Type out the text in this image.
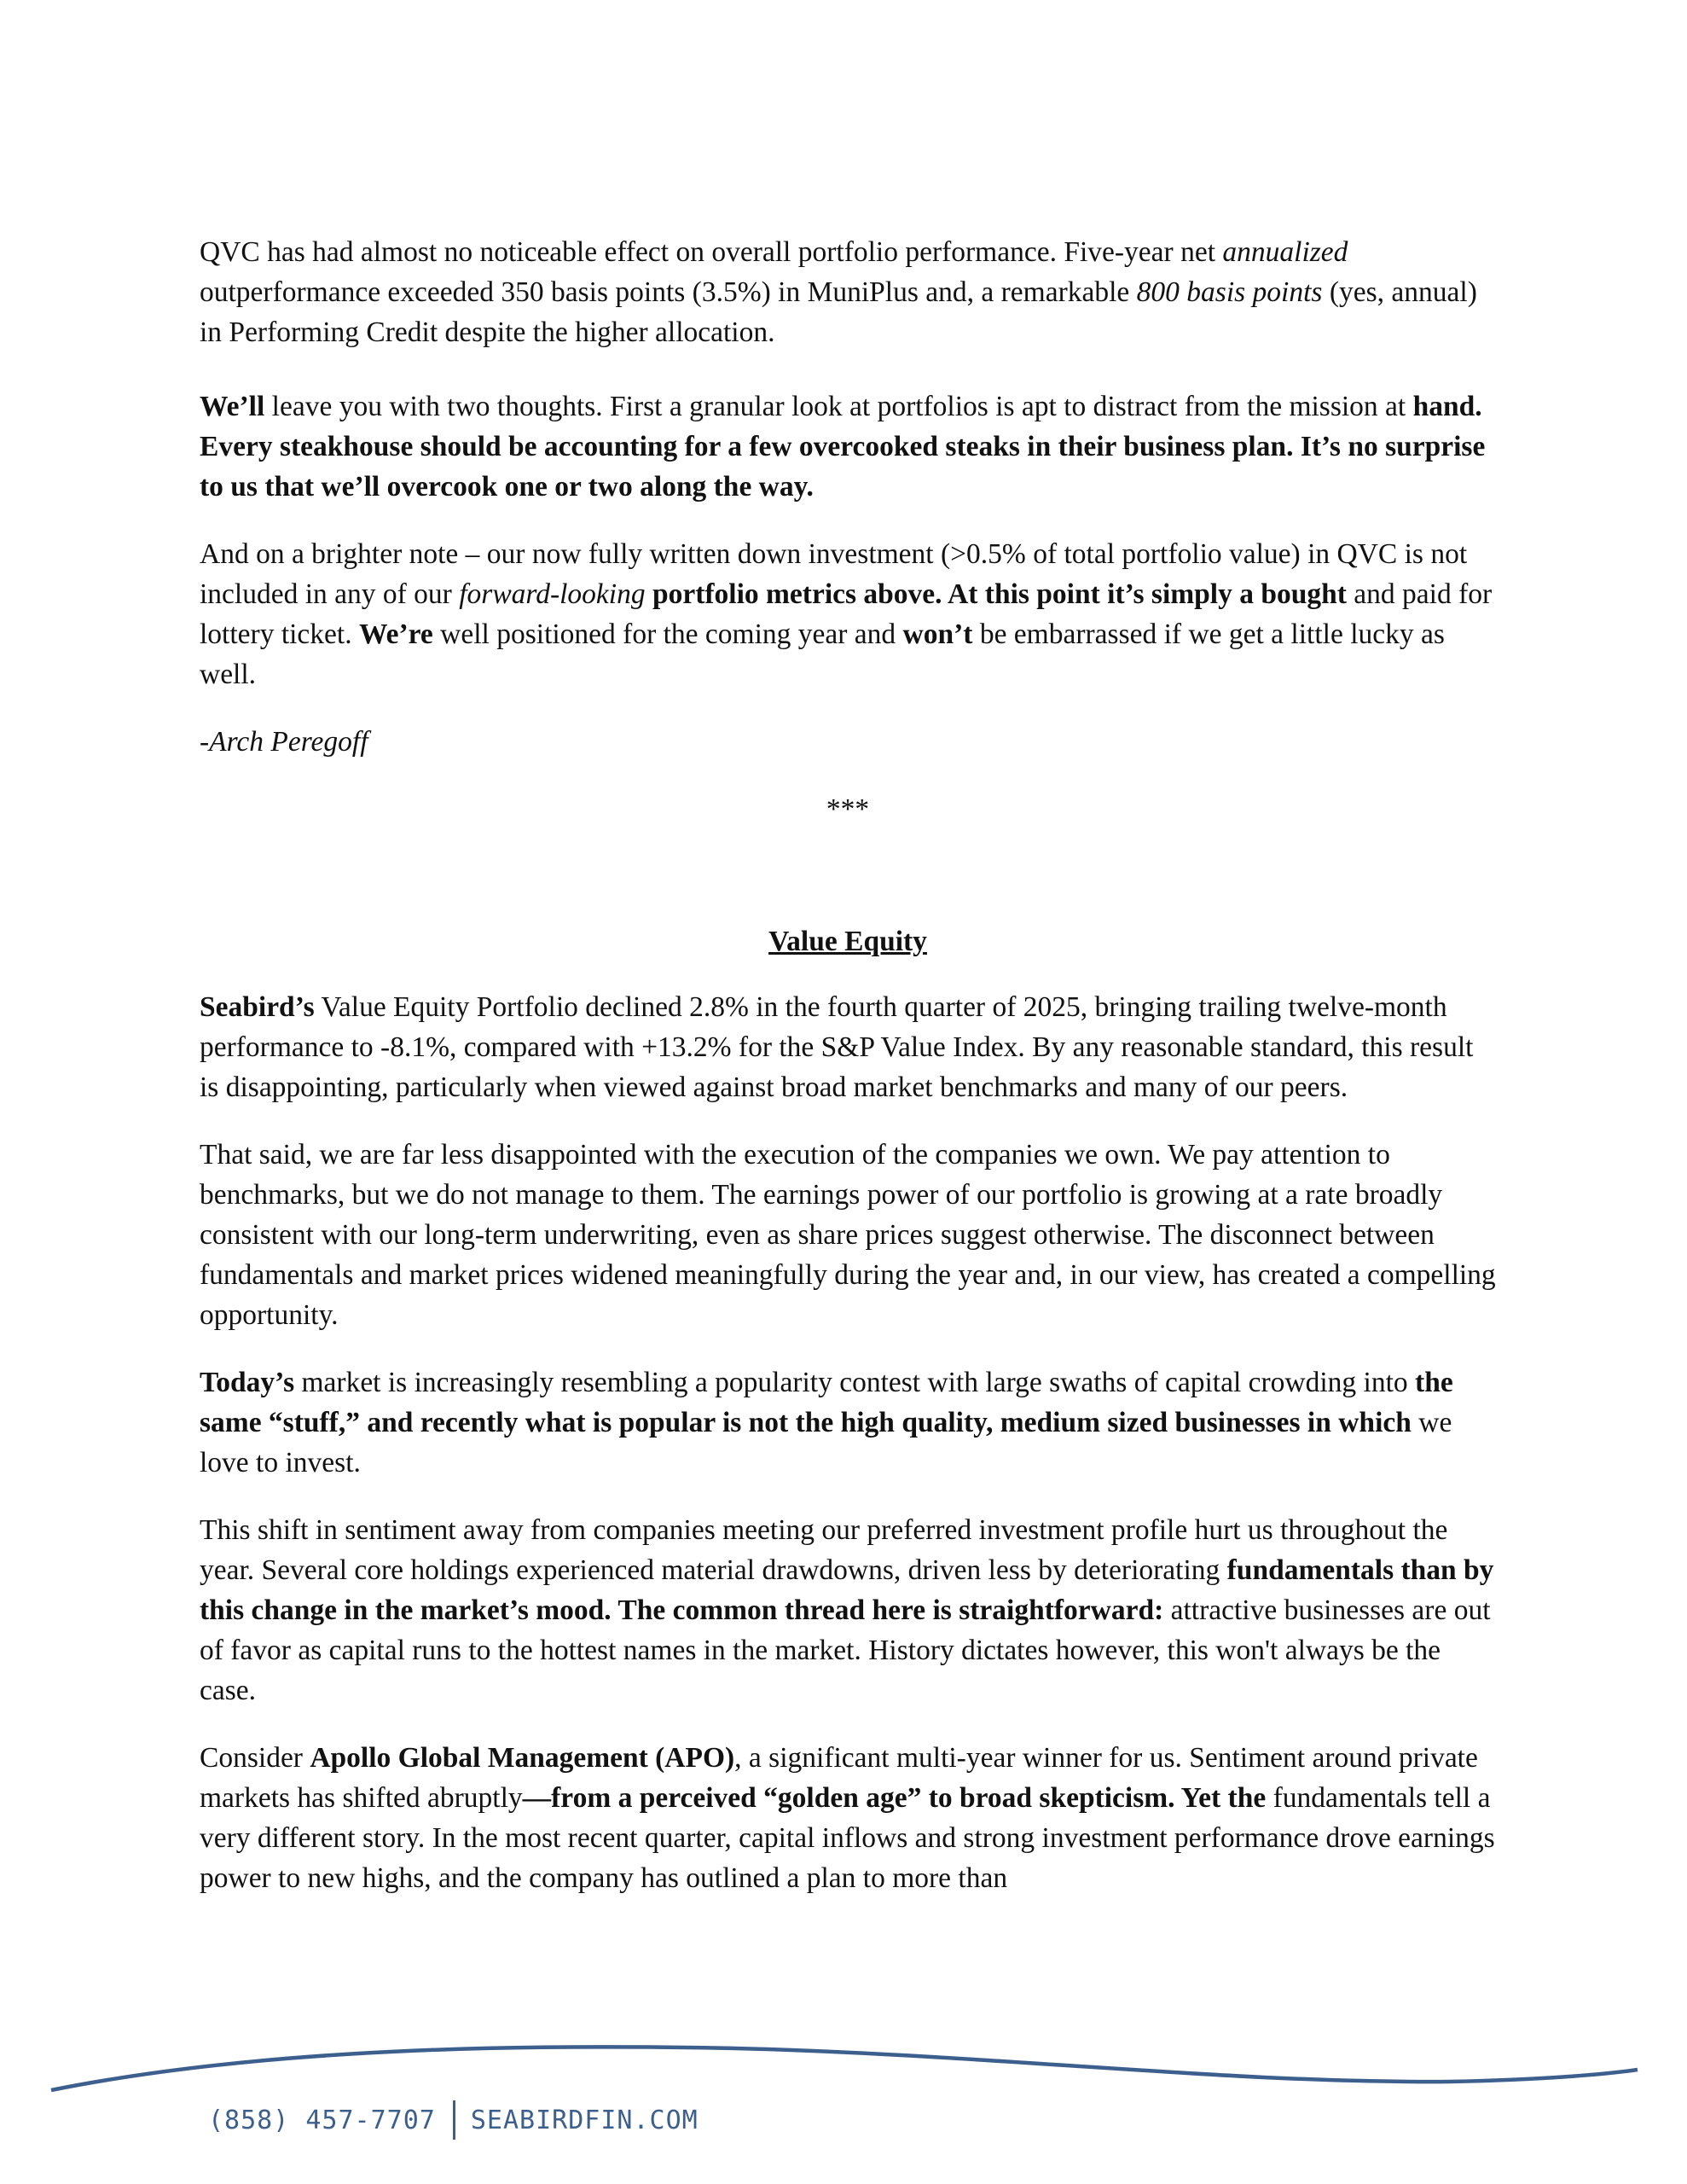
QVC has had almost no noticeable effect on overall portfolio performance. Five-year net annualized outperformance exceeded 350 basis points (3.5%) in MuniPlus and, a remarkable 800 basis points (yes, annual) in Performing Credit despite the higher allocation.

We’ll leave you with two thoughts. First a granular look at portfolios is apt to distract from the mission at hand. Every steakhouse should be accounting for a few overcooked steaks in their business plan. It’s no surprise to us that we’ll overcook one or two along the way.

And on a brighter note – our now fully written down investment (>0.5% of total portfolio value) in QVC is not included in any of our forward-looking portfolio metrics above. At this point it’s simply a bought and paid for lottery ticket. We’re well positioned for the coming year and won’t be embarrassed if we get a little lucky as well.

-Arch Peregoff

***

Value Equity

Seabird’s Value Equity Portfolio declined 2.8% in the fourth quarter of 2025, bringing trailing twelve-month performance to -8.1%, compared with +13.2% for the S&P Value Index. By any reasonable standard, this result is disappointing, particularly when viewed against broad market benchmarks and many of our peers.

That said, we are far less disappointed with the execution of the companies we own. We pay attention to benchmarks, but we do not manage to them. The earnings power of our portfolio is growing at a rate broadly consistent with our long-term underwriting, even as share prices suggest otherwise. The disconnect between fundamentals and market prices widened meaningfully during the year and, in our view, has created a compelling opportunity.

Today’s market is increasingly resembling a popularity contest with large swaths of capital crowding into the same “stuff,” and recently what is popular is not the high quality, medium sized businesses in which we love to invest.

This shift in sentiment away from companies meeting our preferred investment profile hurt us throughout the year. Several core holdings experienced material drawdowns, driven less by deteriorating fundamentals than by this change in the market’s mood. The common thread here is straightforward: attractive businesses are out of favor as capital runs to the hottest names in the market. History dictates however, this won't always be the case.

Consider Apollo Global Management (APO), a significant multi-year winner for us. Sentiment around private markets has shifted abruptly—from a perceived “golden age” to broad skepticism. Yet the fundamentals tell a very different story. In the most recent quarter, capital inflows and strong investment performance drove earnings power to new highs, and the company has outlined a plan to more than

(858) 457-7707 SEABIRDFIN.COM
